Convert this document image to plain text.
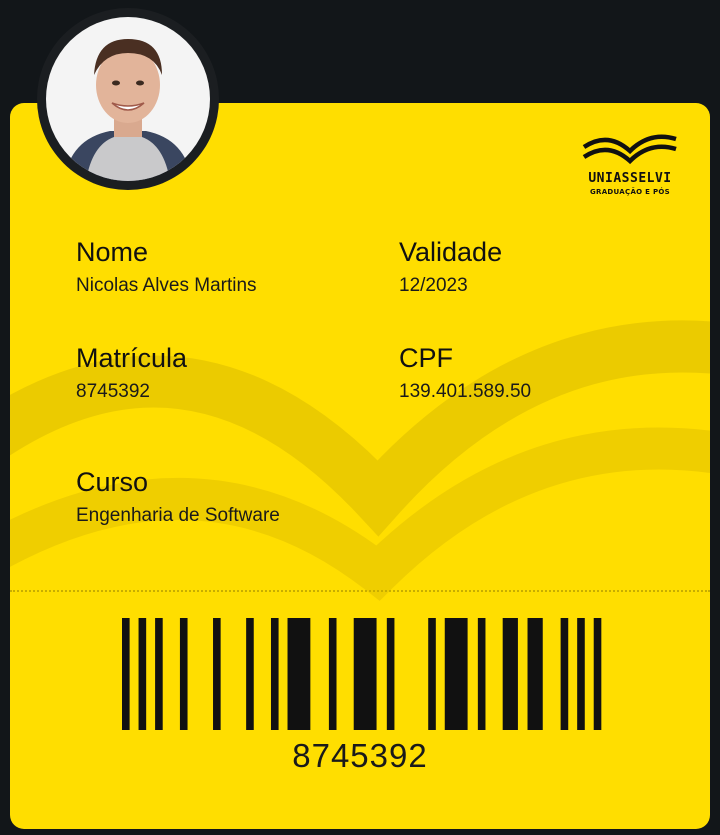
Nome
Nicolas Alves Martins
Validade
12/2023
Matrícula
8745392
CPF
139.401.589.50
Curso
Engenharia de Software
8745392
UNIASSELVI
GRADUAÇÃO E PÓS
